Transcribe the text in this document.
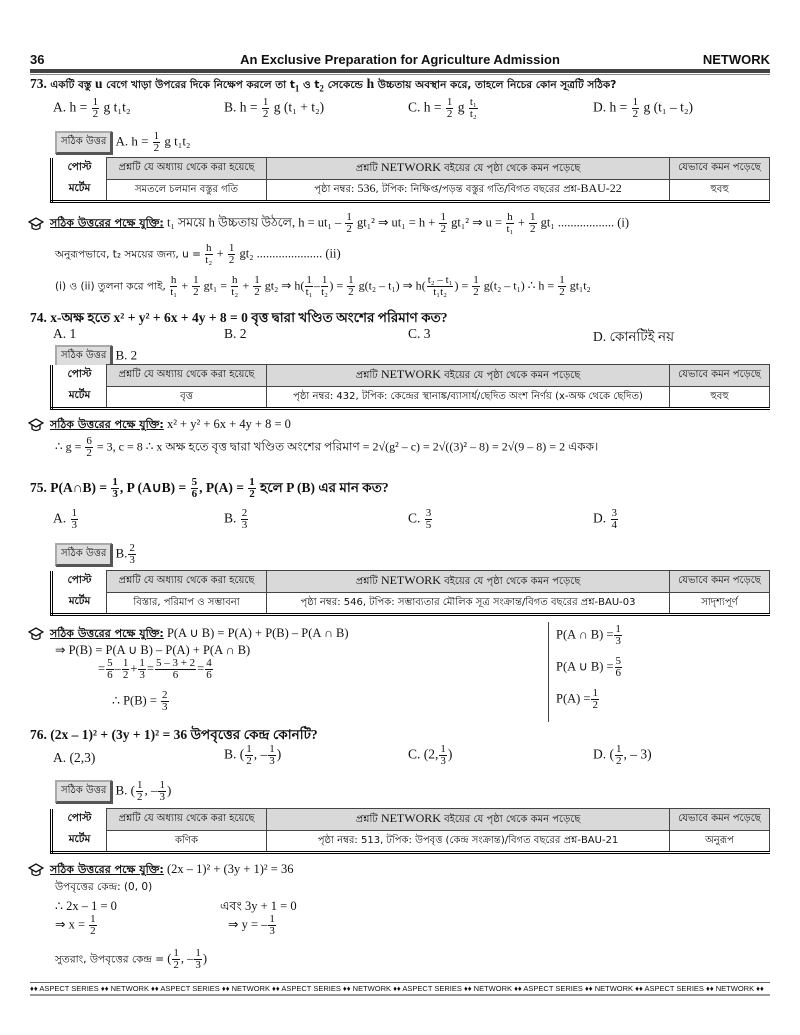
36	An Exclusive Preparation for Agriculture Admission	NETWORK
73. একটি বস্তু u বেগে খাড়া উপরের দিকে নিক্ষেপ করলে তা $t_1$ ও $t_2$ সেকেন্ডে h উচ্চতায় অবস্থান করে, তাহলে নিচের কোন সূত্রটি সঠিক?
A. $h = \frac{1}{2}$ g t₁t₂	B. $h = \frac{1}{2}$ g (t₁ + t₂)	C. $h = \frac{1}{2}$ g $\frac{\text{t₁}}{\text{t₂}}$	D. $h = \frac{1}{2}$ g (t₁ – t₂)
সঠিক উত্তর A. $h = \frac{1}{2}$ g t₁t₂
পোস্ট	প্রশ্নটি যে অধ্যায় থেকে করা হয়েছে	প্রশ্নটি NETWORK বইয়ের যে পৃষ্ঠা থেকে কমন পড়েছে	যেভাবে কমন পড়েছে
মর্টেম	সমতলে চলমান বস্তুর গতি	পৃষ্ঠা নম্বর: 536, টপিক: নিক্ষিপ্ত/পড়ন্ত বস্তুর গতি/বিগত বছরের প্রশ্ন-BAU-22	হুবহু
সঠিক উত্তরের পক্ষে যুক্তি: t₁ সময়ে h উচ্চতায় উঠলে, $h = ut_1 - \frac{1}{2} gt_1^2$ ⇒ $ut_1 = h + \frac{1}{2} gt_1^2$ ⇒ $u = \frac{h}{\text{t₁}} + \frac{1}{2} gt_1$ .................. (i)
অনুরূপভাবে, t₂ সময়ের জন্য, $u = \frac{h}{\text{t₂}} + \frac{1}{2} gt_2$ ..................... (ii)
(i) ও (ii) তুলনা করে পাই, $\frac{h}{\text{t₁}} + \frac{1}{2} gt_1 = \frac{h}{\text{t₂}} + \frac{1}{2} gt_2$ ⇒ $h( \frac{1}{\text{t₁}} - \frac{1}{\text{t₂}}$ ) = $\frac{1}{2} g(t_2 - t_1)$ ⇒ $h( \frac{\text{t₂ – t₁}}{\text{t₁t₂}}$ ) = $\frac{1}{2} g(t_2 - t_1)$ ∴ $h = \frac{1}{2} gt_1t_2$
74. x-অক্ষ হতে x² + y² + 6x + 4y + 8 = 0 বৃত্ত দ্বারা খণ্ডিত অংশের পরিমাণ কত?
A. 1	B. 2	C. 3	D. কোনটিই নয়
সঠিক উত্তর B. 2
পোস্ট	প্রশ্নটি যে অধ্যায় থেকে করা হয়েছে	প্রশ্নটি NETWORK বইয়ের যে পৃষ্ঠা থেকে কমন পড়েছে	যেভাবে কমন পড়েছে
মর্টেম	বৃত্ত	পৃষ্ঠা নম্বর: 432, টপিক: কেন্দ্রের স্থানাঙ্ক/ব্যাসার্ধ/ছেদিত অংশ নির্ণয় (x-অক্ষ থেকে ছেদিত)	হুবহু
সঠিক উত্তরের পক্ষে যুক্তি: x² + y² + 6x + 4y + 8 = 0
∴ $g = \frac{6}{2} = 3$, c = 8 ∴ x অক্ষ হতে বৃত্ত দ্বারা খণ্ডিত অংশের পরিমাণ = 2√(g² – c) = 2√((3)² – 8) = 2√(9 – 8) = 2 একক।
75. P(A∩B) = $\frac{1}{3}$ , P (A∪B) = $\frac{5}{6}$ , $P(A) = \frac{1}{2}$ হলে P (B) এর মান কত?
A. $\frac{1}{3}$	B. $\frac{2}{3}$	C. $\frac{3}{5}$	D. $\frac{3}{4}$
সঠিক উত্তর B. $\frac{2}{3}$
পোস্ট	প্রশ্নটি যে অধ্যায় থেকে করা হয়েছে	প্রশ্নটি NETWORK বইয়ের যে পৃষ্ঠা থেকে কমন পড়েছে	যেভাবে কমন পড়েছে
মর্টেম	বিস্তার, পরিমাপ ও সম্ভাবনা	পৃষ্ঠা নম্বর: 546, টপিক: সম্ভাব্যতার মৌলিক সূত্র সংক্রান্ত/বিগত বছরের প্রশ্ন-BAU-03	সাদৃশ্যপূর্ণ
সঠিক উত্তরের পক্ষে যুক্তি: P(A ∪ B) = P(A) + P(B) – P(A ∩ B)
⇒ P(B) = P(A ∪ B) – P(A) + P(A ∩ B)
= $\frac{5}{6} - \frac{1}{2} + \frac{1}{3} = \frac{5 - 3 + 2}{6} = \frac{4}{6}$
∴ $P(B) = \frac{2}{3}$
P(A ∩ $B) = \frac{1}{3}$
P(A ∪ $B) = \frac{5}{6}$
$P(A) = \frac{1}{2}$
76. (2x – 1)² + (3y + 1)² = 36 উপবৃত্তের কেন্দ্র কোনটি?
A. (2,3)	B. ( $\frac{1}{2}$ , – $\frac{1}{3}$ )	C. (2, $\frac{1}{3}$ )	D. ( $\frac{1}{2}$ , – 3)
সঠিক উত্তর B. ( $\frac{1}{2}$ , – $\frac{1}{3}$ )
পোস্ট	প্রশ্নটি যে অধ্যায় থেকে করা হয়েছে	প্রশ্নটি NETWORK বইয়ের যে পৃষ্ঠা থেকে কমন পড়েছে	যেভাবে কমন পড়েছে
মর্টেম	কণিক	পৃষ্ঠা নম্বর: 513, টপিক: উপবৃত্ত (কেন্দ্র সংক্রান্ত)/বিগত বছরের প্রশ্ন-BAU-21	অনুরূপ
সঠিক উত্তরের পক্ষে যুক্তি: (2x – 1)² + (3y + 1)² = 36
উপবৃত্তের কেন্দ্র: (0, 0)
∴ 2x – 1 = 0	এবং 3y + 1 = 0
⇒ $x = \frac{1}{2}$	⇒ y = – $\frac{1}{3}$
সুতরাং, উপবৃত্তের কেন্দ্র = ( $\frac{1}{2}$ , – $\frac{1}{3}$ )
♦♦ ASPECT SERIES ♦♦ NETWORK ♦♦ ASPECT SERIES ♦♦ NETWORK ♦♦ ASPECT SERIES ♦♦ NETWORK ♦♦ ASPECT SERIES ♦♦ NETWORK ♦♦ ASPECT SERIES ♦♦ NETWORK ♦♦ ASPECT SERIES ♦♦ NETWORK ♦♦
